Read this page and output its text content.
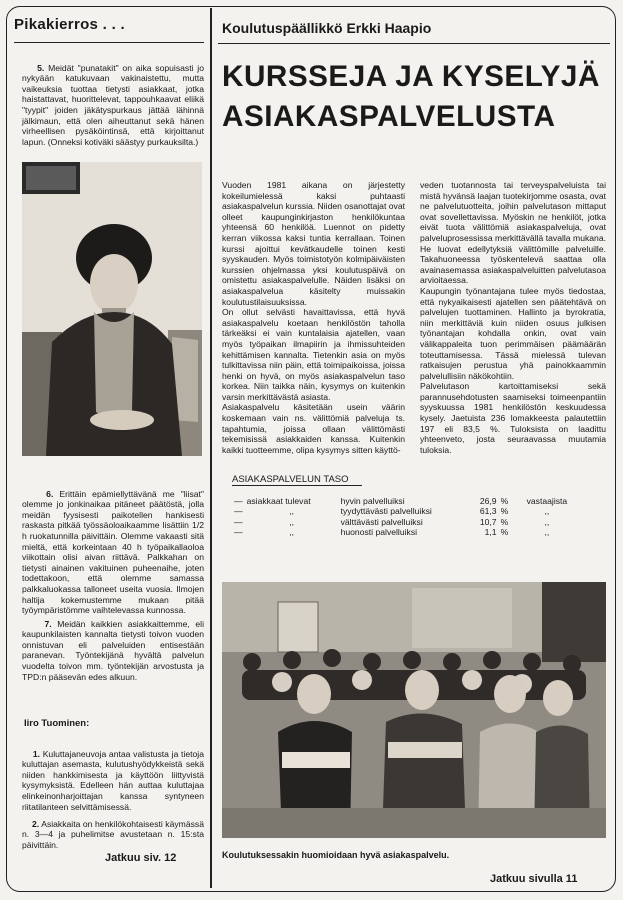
Pikakierros . . .

5. Meidät "punatakit" on aika sopuisasti jo nykyään katukuvaan vakinaistettu, mutta vaikeuksia tuottaa tietysti asiakkaat, jotka haistattavat, huorittelevat, tappouhkaavat eliikä "tyypit" joiden jäkätyspurkaus jättää lähinnä jälkimaun, että olen aiheuttanut sekä hänen virheellisen pysäköintinsä, että kirjoittanut lapun. (Onneksi kotiväki säästyy purkauksilta.)

6. Erittäin epämiellyttävänä me "liisat" olemme jo jonkinaikaa pitäneet päätöstä, jolla meidän fyysisesti paikotellen hankisesti raskasta pitkää työssäoloaikaamme lisättiin 1/2 h ruokatunnilla päivittäin. Olemme vakaasti sitä mieltä, että korkeintaan 40 h työpaikallaoloa viikottain olisi aivan riittävä. Palkkahan on tietysti ainainen vakituinen puheenaihe, joten todettakoon, että olemme samassa palkkaluokassa talloneet useita vuosia. Ilmojen haltija kokemustemme mukaan pitää työympäristömme vaihtelevassa kunnossa.

7. Meidän kaikkien asiakkaittemme, eli kaupunkilaisten kannalta tietysti toivon vuoden onnistuvan eli palveluiden entisestään paranevan. Työntekijänä hyvältä palvelun vuodelta toivon mm. työntekijän arvostusta ja TPD:n pääsevän edes alkuun.

Iiro Tuominen:

1. Kuluttajaneuvoja antaa valistusta ja tietoja kuluttajan asemasta, kulutushyödykkeistä sekä niiden hankkimisesta ja käyttöön liittyvistä kysymyksistä. Edelleen hän auttaa kuluttajaa elinkeinonharjoittajan kanssa syntyneen riitatilanteen selvittämisessä.

2. Asiakkaita on henkilökohtaisesti käymässä n. 3—4 ja puhelimitse avustetaan n. 15:sta päivittäin.

Jatkuu siv. 12
Koulutuspäällikkö Erkki Haapio
KURSSEJA JA KYSELYJÄ
ASIAKASPALVELUSTA
Vuoden 1981 aikana on järjestetty kokeilumielessä kaksi puhtaasti asiakaspalvelun kurssia. Niiden osanottajat ovat olleet kaupunginkirjaston henkilökuntaa yhteensä 60 henkilöä. Luennot on pidetty kerran viikossa kaksi tuntia kerrallaan. Toinen kurssi ajoittui kevätkaudelle toinen kesti syyskauden. Myös toimistotyön kolmipäiväisten kurssien ohjelmassa yksi koulutuspäivä on omistettu asiakaspalvelulle. Näiden lisäksi on asiakaspalvelua käsitelty muissakin koulutustilaisuuksissa.
On ollut selvästi havaittavissa, että hyvä asiakaspalvelu koetaan henkilöstön taholla tärkeäksi ei vain kuntalaisia ajatellen, vaan myös työpaikan ilmapiirin ja ihmissuhteiden kehittämisen kannalta. Tietenkin asia on myös tulkittavissa niin päin, että toimipaikoissa, joissa henki on hyvä, on myös asiakaspalvelun taso korkea. Niin taikka näin, kysymys on kuitenkin varsin merkittävästä asiasta.
Asiakaspalvelu käsitetään usein väärin koskemaan vain ns. välittömiä palveluja ts. tapahtumia, joissa ollaan välittömästi tekemisissä asiakkaiden kanssa. Kuitenkin kaikki tuotteemme, olipa kysymys sitten käyttö-
veden tuotannosta tai terveyspalveluista tai mistä hyvänsä laajan tuotekirjomme osasta, ovat ne palvelutuotteita, joihin palvelutason mittaput ovat sovellettavissa. Myöskin ne henkilöt, jotka eivät tuota välittömiä asiakaspalveluja, ovat palveluprosessissa merkittävällä tavalla mukana. He luovat edellytyksiä välittömille palveluille. Takahuoneessa työskentelevä saattaa olla avainasemassa asiakaspalveluitten palvelutasoa arvioitaessa.
Kaupungin työnantajana tulee myös tiedostaa, että nykyaikaisesti ajatellen sen päätehtävä on palvelujen tuottaminen. Hallinto ja byrokratia, niin merkittäviä kuin niiden osuus julkisen työnantajan kohdalla onkin, ovat vain välikappaleita tuon perimmäisen päämäärän toteuttamisessa. Tässä mielessä tulevan ratkaisujen perustua yhä painokkaammin palvelullisiin näkökohtiin.
Palvelutason kartoittamiseksi sekä parannusehdotusten saamiseksi toimeenpantiin syyskuussa 1981 henkilöstön keskuudessa kysely. Jaetuista 236 lomakkeesta palautettiin 197 eli 83,5 %. Tuloksista on laadittu yhteenveto, josta seuraavassa muutamia tuloksia.
ASIAKASPALVELUN TASO
—	asiakkaat tulevat	hyvin palvelluiksi	26,9	%	vastaajista
—	,,	tyydyttävästi palvelluiksi	61,3	%	,,
—	,,	välttävästi palvelluiksi	10,7	%	,,
—	,,	huonosti palvelluiksi	1,1	%	,,
Koulutuksessakin huomioidaan hyvä asiakaspalvelu.
Jatkuu sivulla 11
